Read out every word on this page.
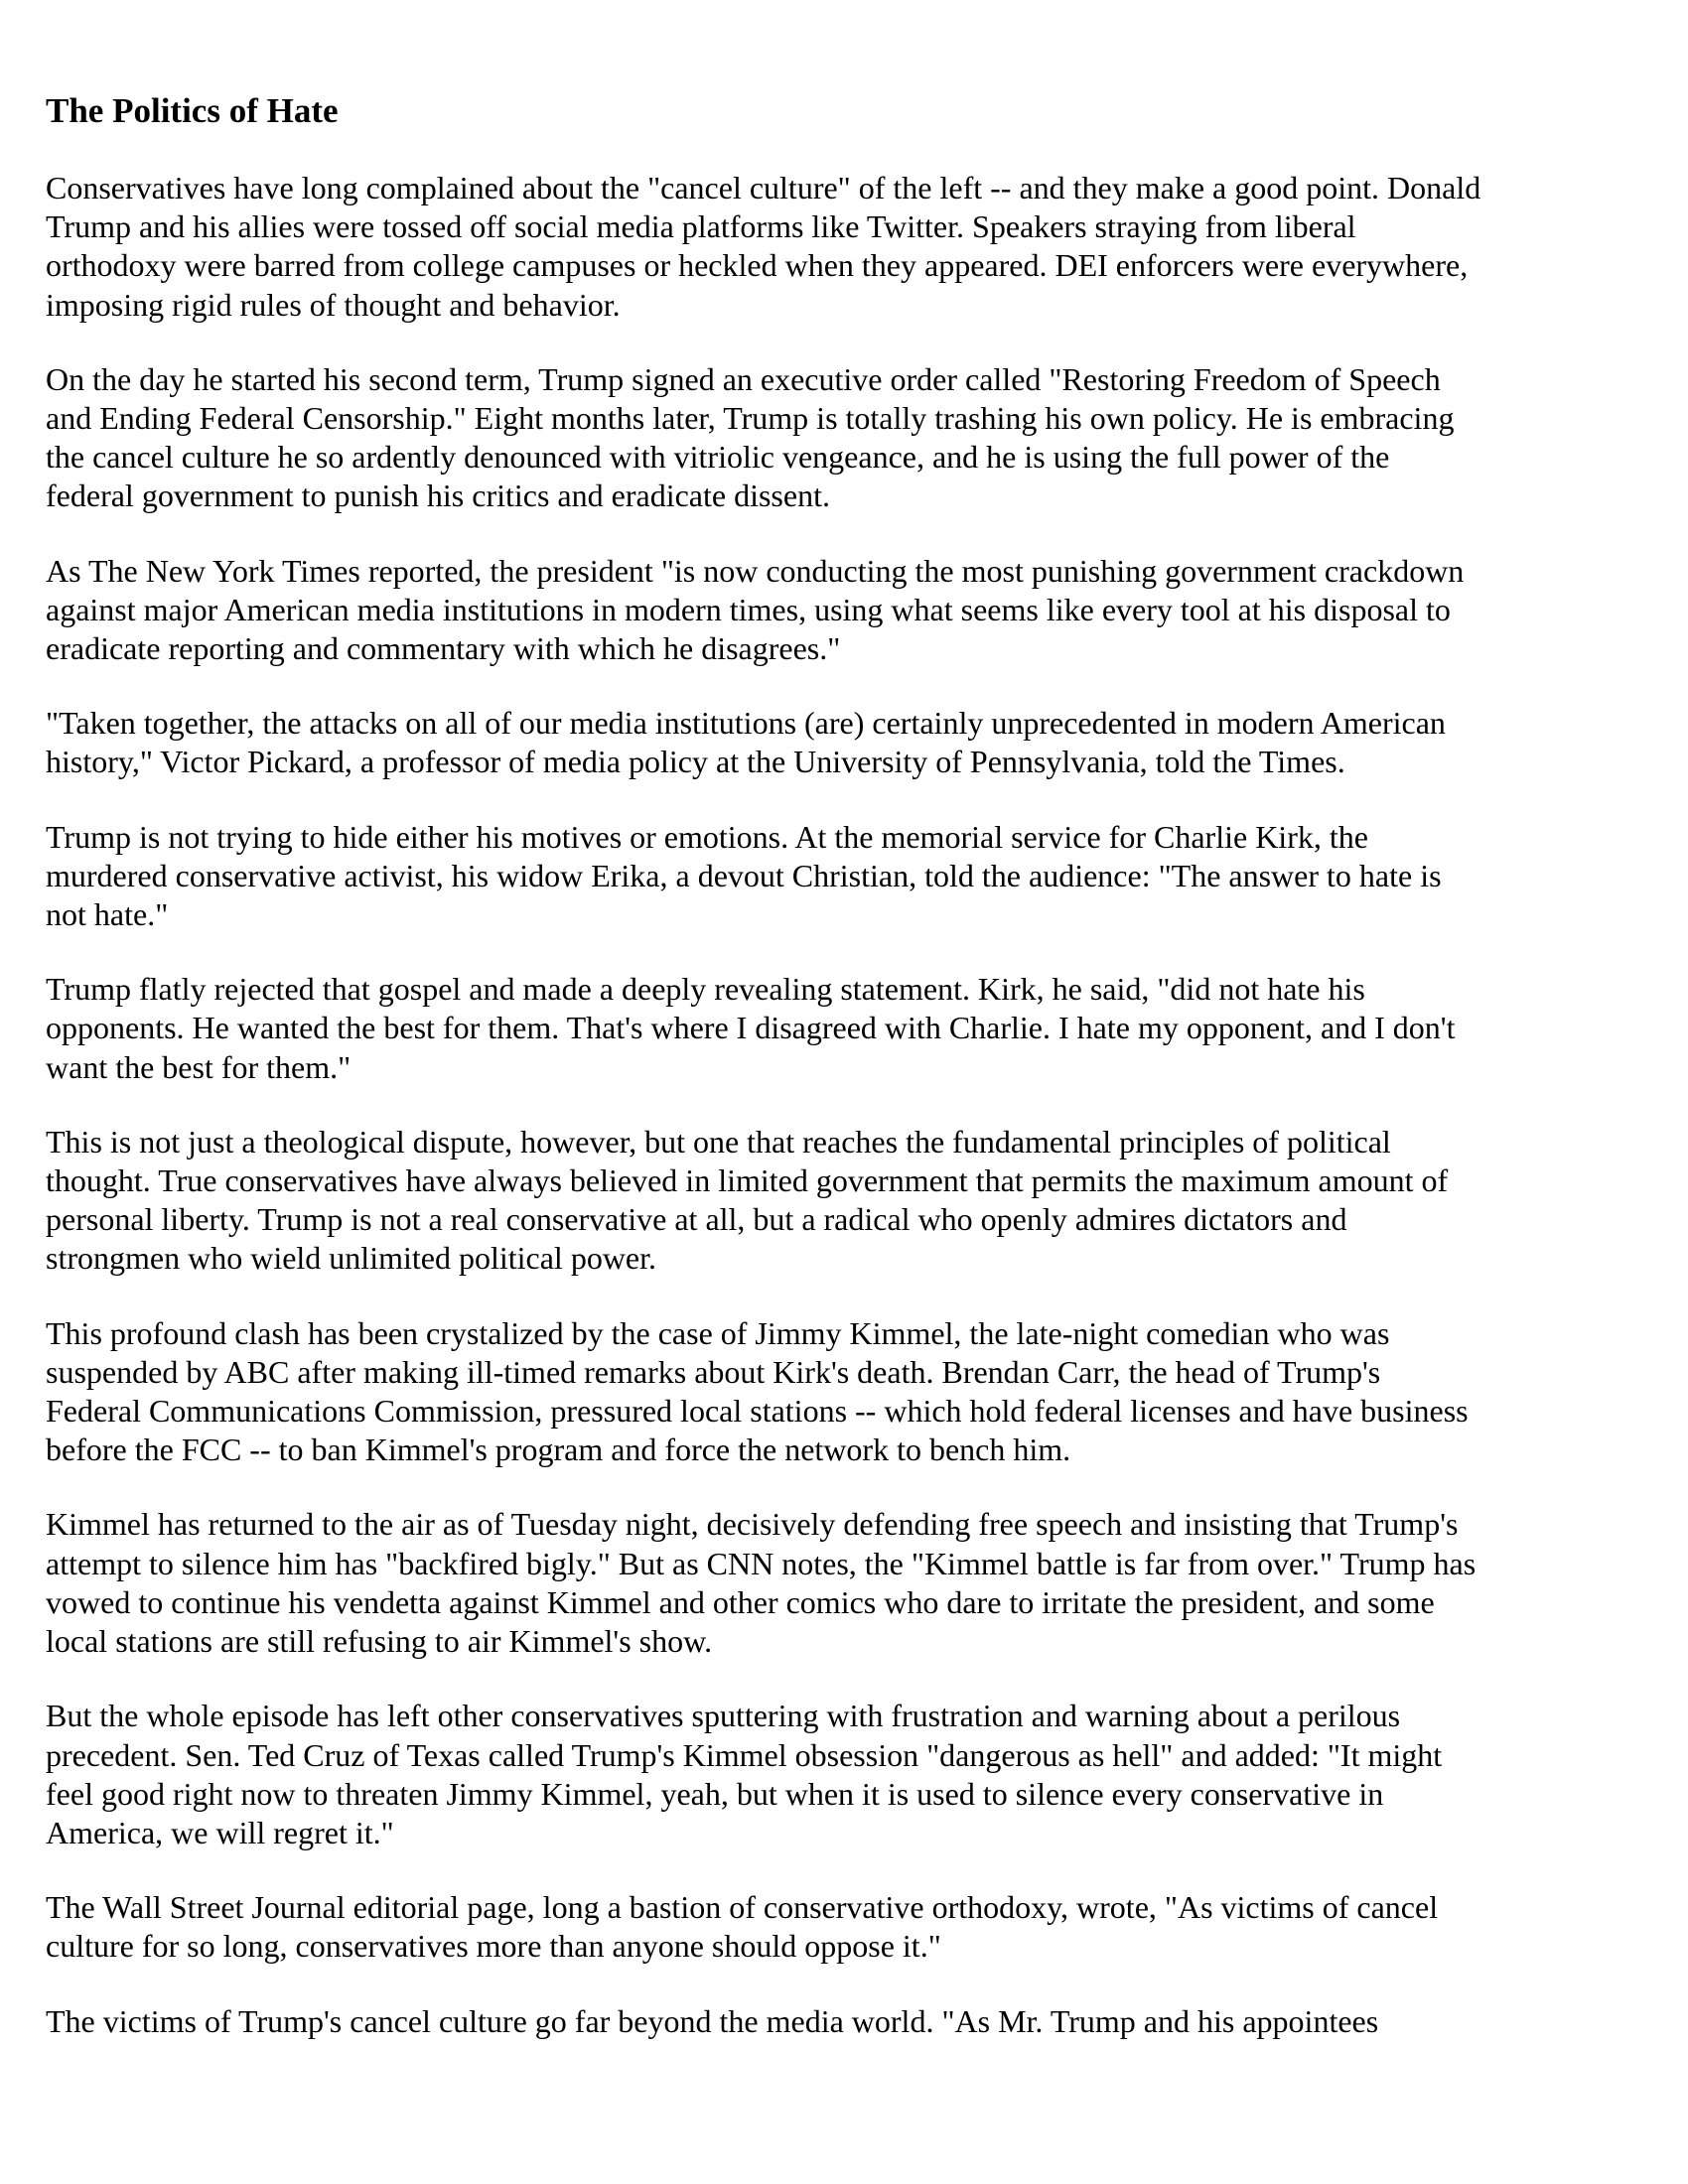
The Politics of Hate

Conservatives have long complained about the "cancel culture" of the left -- and they make a good point. Donald
Trump and his allies were tossed off social media platforms like Twitter. Speakers straying from liberal
orthodoxy were barred from college campuses or heckled when they appeared. DEI enforcers were everywhere,
imposing rigid rules of thought and behavior.

On the day he started his second term, Trump signed an executive order called "Restoring Freedom of Speech
and Ending Federal Censorship." Eight months later, Trump is totally trashing his own policy. He is embracing
the cancel culture he so ardently denounced with vitriolic vengeance, and he is using the full power of the
federal government to punish his critics and eradicate dissent.

As The New York Times reported, the president "is now conducting the most punishing government crackdown
against major American media institutions in modern times, using what seems like every tool at his disposal to
eradicate reporting and commentary with which he disagrees."

"Taken together, the attacks on all of our media institutions (are) certainly unprecedented in modern American
history," Victor Pickard, a professor of media policy at the University of Pennsylvania, told the Times.

Trump is not trying to hide either his motives or emotions. At the memorial service for Charlie Kirk, the
murdered conservative activist, his widow Erika, a devout Christian, told the audience: "The answer to hate is
not hate."

Trump flatly rejected that gospel and made a deeply revealing statement. Kirk, he said, "did not hate his
opponents. He wanted the best for them. That's where I disagreed with Charlie. I hate my opponent, and I don't
want the best for them."

This is not just a theological dispute, however, but one that reaches the fundamental principles of political
thought. True conservatives have always believed in limited government that permits the maximum amount of
personal liberty. Trump is not a real conservative at all, but a radical who openly admires dictators and
strongmen who wield unlimited political power.

This profound clash has been crystalized by the case of Jimmy Kimmel, the late-night comedian who was
suspended by ABC after making ill-timed remarks about Kirk's death. Brendan Carr, the head of Trump's
Federal Communications Commission, pressured local stations -- which hold federal licenses and have business
before the FCC -- to ban Kimmel's program and force the network to bench him.

Kimmel has returned to the air as of Tuesday night, decisively defending free speech and insisting that Trump's
attempt to silence him has "backfired bigly." But as CNN notes, the "Kimmel battle is far from over." Trump has
vowed to continue his vendetta against Kimmel and other comics who dare to irritate the president, and some
local stations are still refusing to air Kimmel's show.

But the whole episode has left other conservatives sputtering with frustration and warning about a perilous
precedent. Sen. Ted Cruz of Texas called Trump's Kimmel obsession "dangerous as hell" and added: "It might
feel good right now to threaten Jimmy Kimmel, yeah, but when it is used to silence every conservative in
America, we will regret it."

The Wall Street Journal editorial page, long a bastion of conservative orthodoxy, wrote, "As victims of cancel
culture for so long, conservatives more than anyone should oppose it."

The victims of Trump's cancel culture go far beyond the media world. "As Mr. Trump and his appointees
